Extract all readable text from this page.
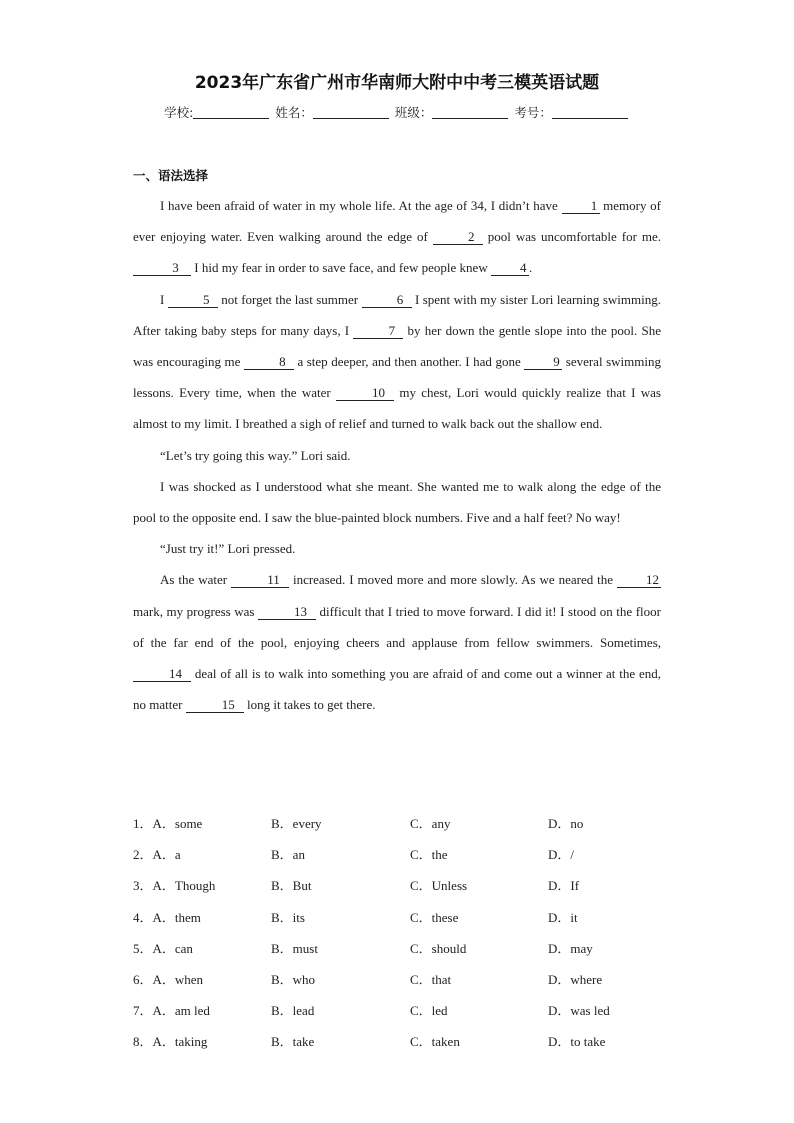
2023年广东省广州市华南师大附中中考三模英语试题
学校:	姓名：	班级：	考号：
一、语法选择

I have been afraid of water in my whole life. At the age of 34, I didn’t have 1 memory of ever enjoying water. Even walking around the edge of	2 pool was uncomfortable for me. 3 I hid my fear in order to save face, and few people knew 4 .

I	5 not forget the last summer	6 I spent with my sister Lori learning swimming. After taking baby steps for many days, I	7 by her down the gentle slope into the pool. She was encouraging me	8 a step deeper, and then another. I had gone 9 several swimming lessons. Every time, when the water	10 my chest, Lori would quickly realize that I was almost to my limit. I breathed a sigh of relief and turned to walk back out the shallow end.

“Let’s try going this way.” Lori said.

I was shocked as I understood what she meant. She wanted me to walk along the edge of the pool to the opposite end. I saw the blue-painted block numbers. Five and a half feet? No way!

“Just try it!” Lori pressed.

As the water	11 increased. I moved more and more slowly. As we neared the 12 mark, my progress was	13 difficult that I tried to move forward. I did it! I stood on the floor of the far end of the pool, enjoying cheers and applause from fellow swimmers. Sometimes, 14 deal of all is to walk into something you are afraid of and come out a winner at the end, no matter	15 long it takes to get there.

1．A．some	B．every	C．any	D．no
2．A．a	B．an	C．the	D．/
3．A．Though	B．But	C．Unless	D．If
4．A．them	B．its	C．these	D．it
5．A．can	B．must	C．should	D．may
6．A．when	B．who	C．that	D．where
7．A．am led	B．lead	C．led	D．was led
8．A．taking	B．take	C．taken	D．to take
